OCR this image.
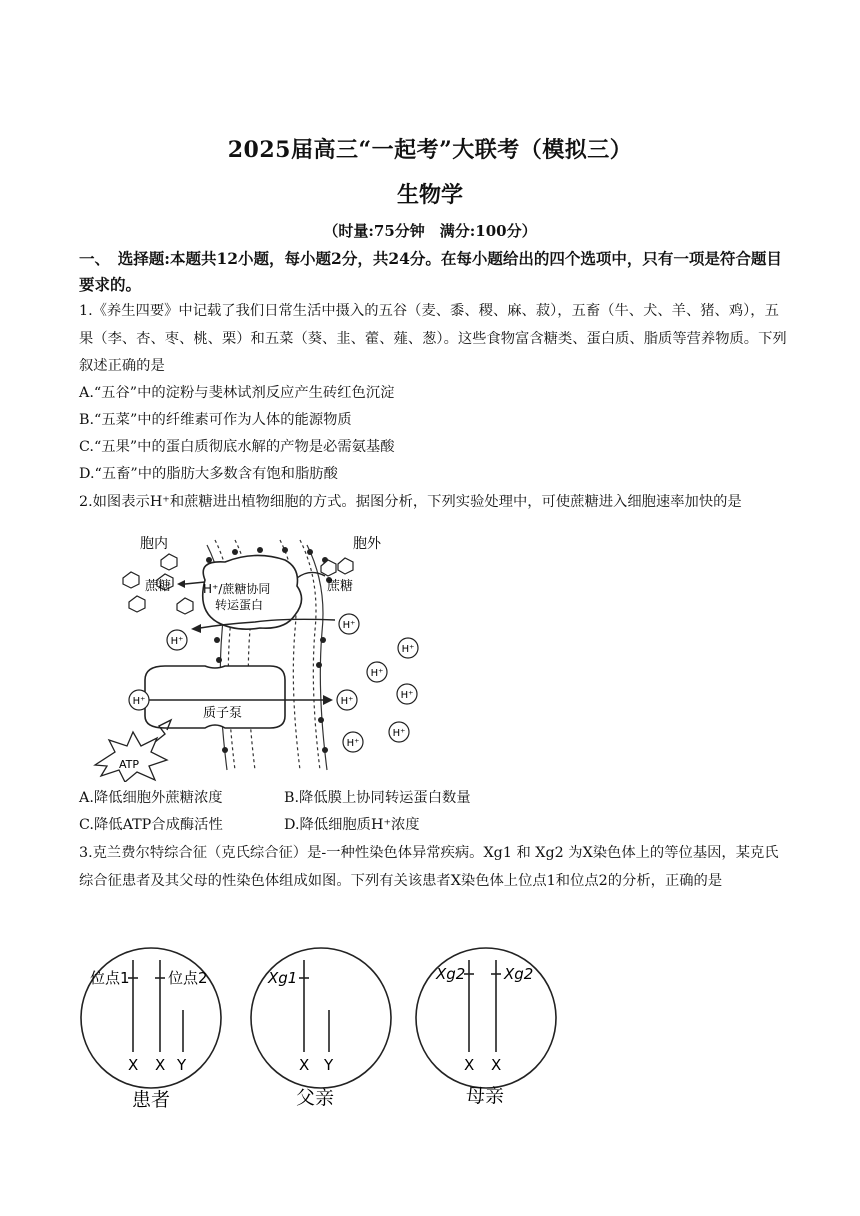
2025届高三“一起考”大联考（模拟三）
生物学
（时量:75分钟　满分:100分）
一、　选择题:本题共12小题，每小题2分，共24分。在每小题给出的四个选项中，只有一项是符合题目要求的。
1.《养生四要》中记载了我们日常生活中摄入的五谷（麦、黍、稷、麻、菽），五畜（牛、犬、羊、猪、鸡），五果（李、杏、枣、桃、栗）和五菜（葵、韭、藿、薤、葱）。这些食物富含糖类、蛋白质、脂质等营养物质。下列叙述正确的是
A.“五谷”中的淀粉与斐林试剂反应产生砖红色沉淀
B.“五菜”中的纤维素可作为人体的能源物质
C.“五果”中的蛋白质彻底水解的产物是必需氨基酸
D.“五畜”中的脂肪大多数含有饱和脂肪酸
2.如图表示H⁺和蔗糖进出植物细胞的方式。据图分析，下列实验处理中，可使蔗糖进入细胞速率加快的是
胞内	胞外
H⁺/蔗糖协同
转运蛋白
蔗糖	蔗糖
质子泵
ATP
H⁺
H⁺
H⁺
H⁺
H⁺
H⁺
H⁺
H⁺
H⁺
A.降低细胞外蔗糖浓度	B.降低膜上协同转运蛋白数量
C.降低ATP合成酶活性	D.降低细胞质H⁺浓度
3.克兰费尔特综合征（克氏综合征）是-一种性染色体异常疾病。Xg1 和 Xg2 为X染色体上的等位基因，某克氏综合征患者及其父母的性染色体组成如图。下列有关该患者X染色体上位点1和位点2的分析，正确的是
位点1	位点2
X X Y
患者
Xg1
X Y
父亲
Xg2	Xg2
X X
母亲
